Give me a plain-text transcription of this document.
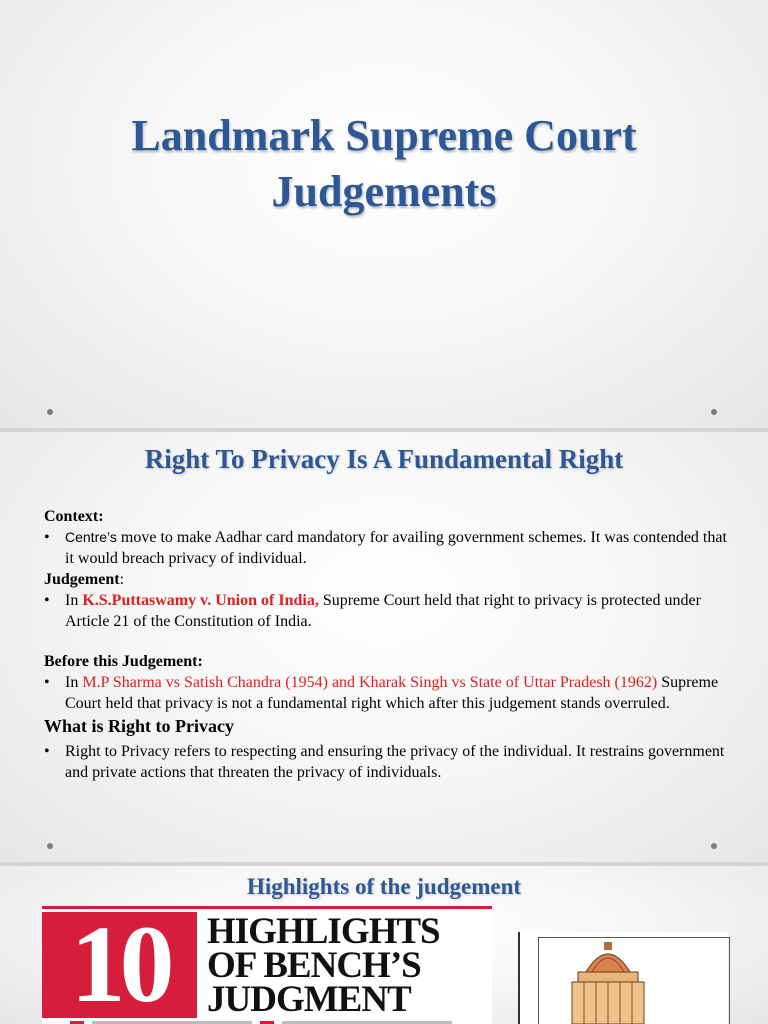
Landmark Supreme Court
Judgements
Right To Privacy Is A Fundamental Right
Context:
• Centre’s move to make Aadhar card mandatory for availing government schemes. It was contended that it would breach privacy of individual.
Judgement:
• In K.S.Puttaswamy v. Union of India, Supreme Court held that right to privacy is protected under Article 21 of the Constitution of India.
Before this Judgement:
• In M.P Sharma vs Satish Chandra (1954) and Kharak Singh vs State of Uttar Pradesh (1962) Supreme Court held that privacy is not a fundamental right which after this judgement stands overruled.
What is Right to Privacy
• Right to Privacy refers to respecting and ensuring the privacy of the individual. It restrains government and private actions that threaten the privacy of individuals.
Highlights of the judgement
10	HIGHLIGHTS
OF BENCH’S
JUDGMENT
